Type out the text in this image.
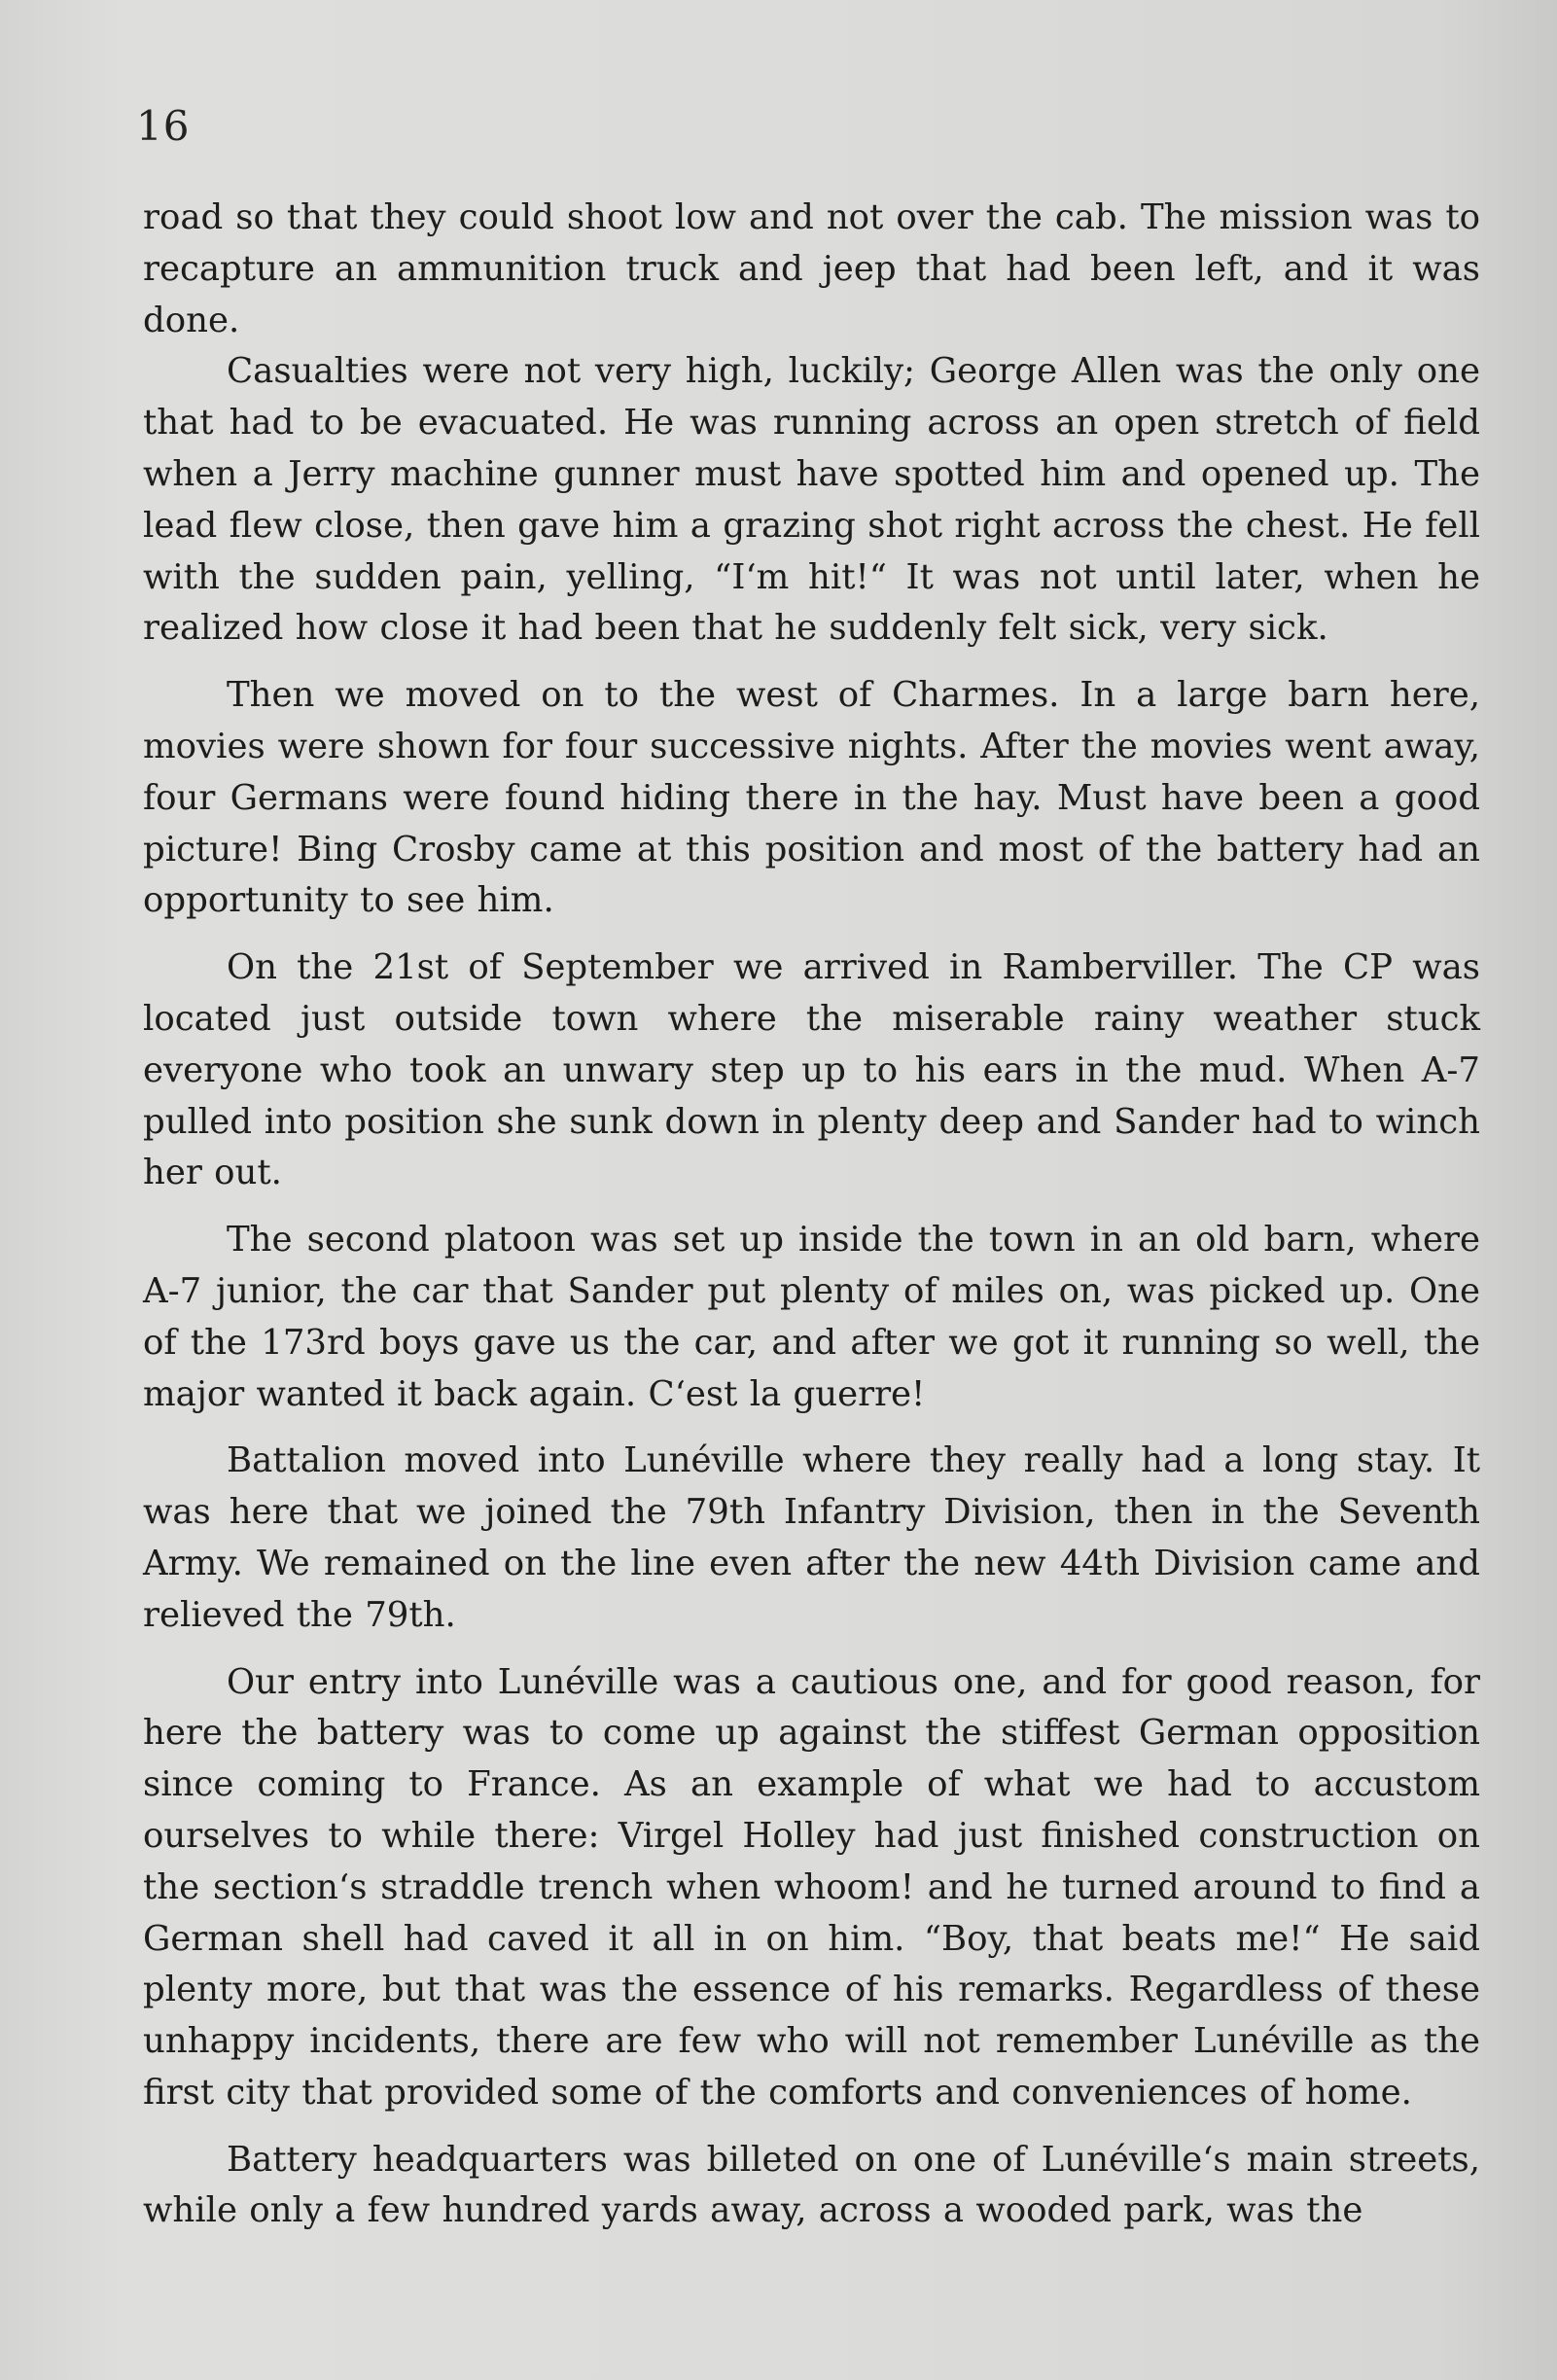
16

road so that they could shoot low and not over the cab. The mission was to recapture an ammunition truck and jeep that had been left, and it was done.

Casualties were not very high, luckily; George Allen was the only one that had to be evacuated. He was running across an open stretch of field when a Jerry machine gunner must have spotted him and opened up. The lead flew close, then gave him a grazing shot right across the chest. He fell with the sudden pain, yelling, “I‘m hit!“ It was not until later, when he realized how close it had been that he suddenly felt sick, very sick.

Then we moved on to the west of Charmes. In a large barn here, movies were shown for four successive nights. After the movies went away, four Germans were found hiding there in the hay. Must have been a good picture! Bing Crosby came at this position and most of the battery had an opportunity to see him.

On the 21st of September we arrived in Ramberviller. The CP was located just outside town where the miserable rainy weather stuck everyone who took an unwary step up to his ears in the mud. When A-7 pulled into position she sunk down in plenty deep and Sander had to winch her out.

The second platoon was set up inside the town in an old barn, where A-7 junior, the car that Sander put plenty of miles on, was picked up. One of the 173rd boys gave us the car, and after we got it running so well, the major wanted it back again. C‘est la guerre!

Battalion moved into Lunéville where they really had a long stay. It was here that we joined the 79th Infantry Division, then in the Seventh Army. We remained on the line even after the new 44th Division came and relieved the 79th.

Our entry into Lunéville was a cautious one, and for good reason, for here the battery was to come up against the stiffest German opposition since coming to France. As an example of what we had to accustom ourselves to while there: Virgel Holley had just finished construction on the section‘s straddle trench when whoom! and he turned around to find a German shell had caved it all in on him. “Boy, that beats me!“ He said plenty more, but that was the essence of his remarks. Regardless of these unhappy incidents, there are few who will not remember Lunéville as the first city that provided some of the comforts and conveniences of home.

Battery headquarters was billeted on one of Lunéville‘s main streets, while only a few hundred yards away, across a wooded park, was the
